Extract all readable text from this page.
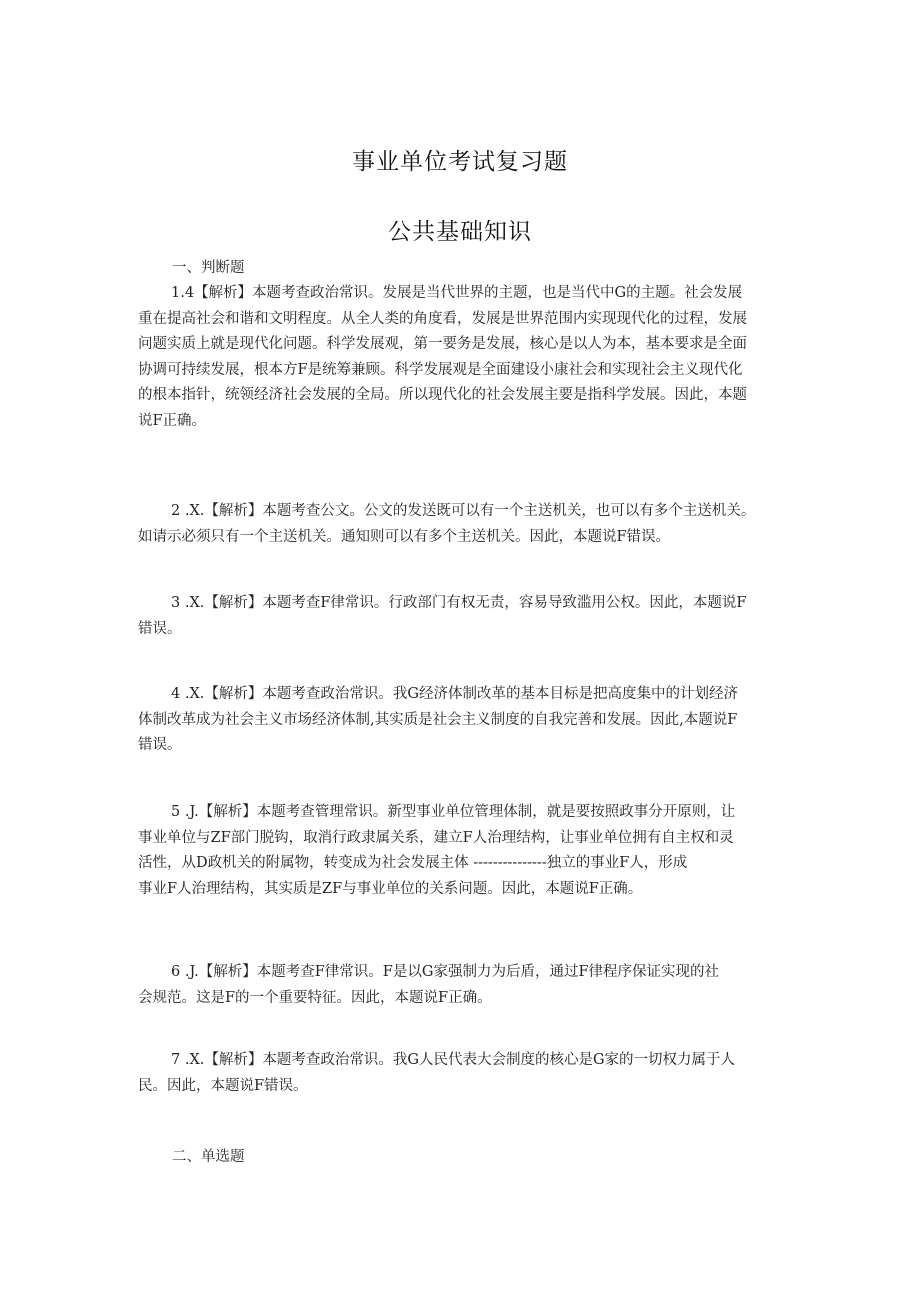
事业单位考试复习题
公共基础知识

一、判断题

1.4【解析】本题考查政治常识。发展是当代世界的主题，也是当代中G的主题。社会发展
重在提高社会和谐和文明程度。从全人类的角度看，发展是世界范围内实现现代化的过程，发展
问题实质上就是现代化问题。科学发展观，第一要务是发展，核心是以人为本，基本要求是全面
协调可持续发展，根本方F是统筹兼顾。科学发展观是全面建设小康社会和实现社会主义现代化
的根本指针，统领经济社会发展的全局。所以现代化的社会发展主要是指科学发展。因此，本题
说F正确。
2 .X.【解析】本题考查公文。公文的发送既可以有一个主送机关，也可以有多个主送机关。
如请示必须只有一个主送机关。通知则可以有多个主送机关。因此，本题说F错误。
3 .X.【解析】本题考查F律常识。行政部门有权无责，容易导致滥用公权。因此，本题说F
错误。
4 .X.【解析】本题考查政治常识。我G经济体制改革的基本目标是把高度集中的计划经济
体制改革成为社会主义市场经济体制,其实质是社会主义制度的自我完善和发展。因此,本题说F
错误。
5 .J.【解析】本题考查管理常识。新型事业单位管理体制，就是要按照政事分开原则，让
事业单位与ZF部门脱钩，取消行政隶属关系，建立F人治理结构，让事业单位拥有自主权和灵
活性，从D政机关的附属物，转变成为社会发展主体 ---------------独立的事业F人，形成
事业F人治理结构，其实质是ZF与事业单位的关系问题。因此，本题说F正确。
6 .J.【解析】本题考查F律常识。F是以G家强制力为后盾，通过F律程序保证实现的社
会规范。这是F的一个重要特征。因此，本题说F正确。
7 .X.【解析】本题考查政治常识。我G人民代表大会制度的核心是G家的一切权力属于人
民。因此，本题说F错误。

二、单选题
